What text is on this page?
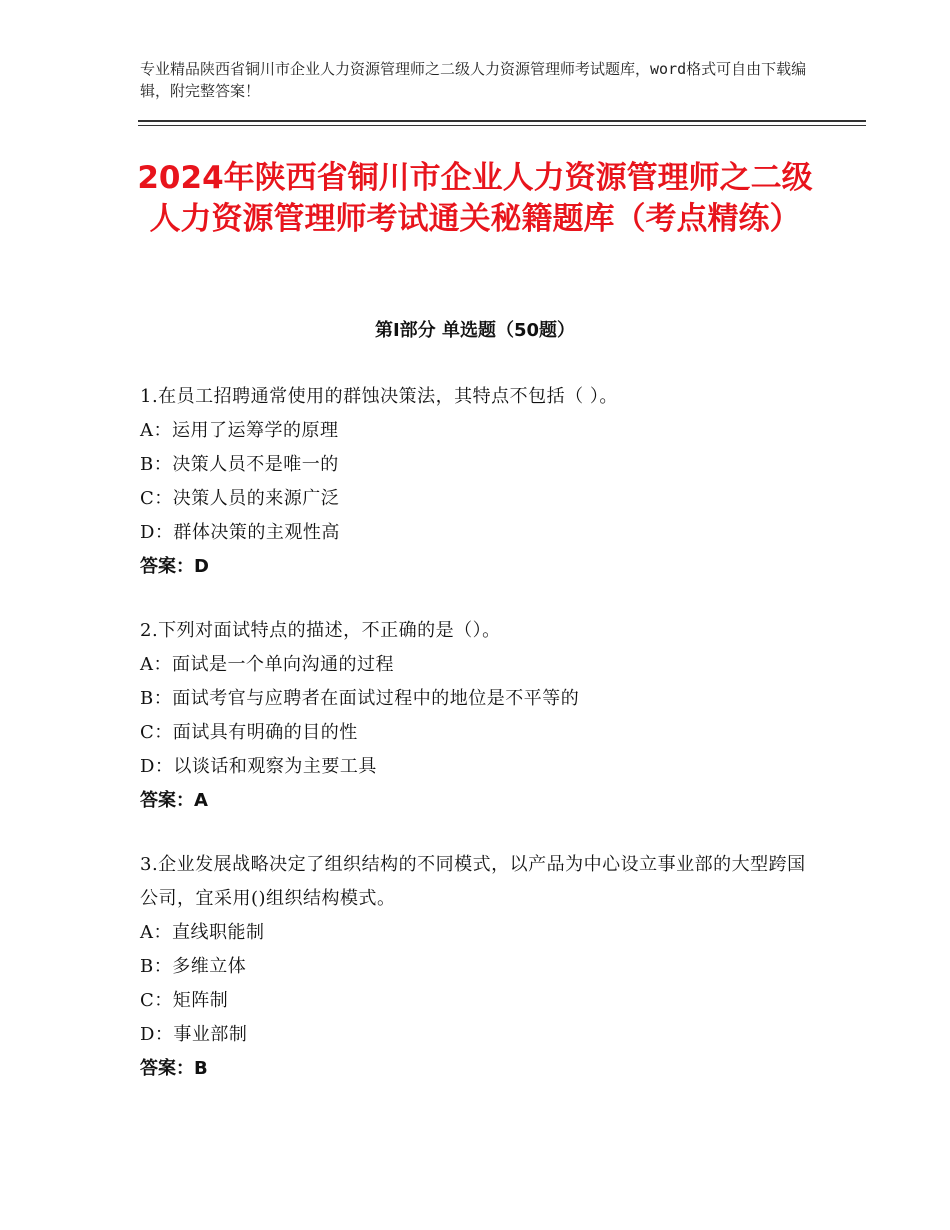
专业精品陕西省铜川市企业人力资源管理师之二级人力资源管理师考试题库，word格式可自由下载编辑，附完整答案！
2024年陕西省铜川市企业人力资源管理师之二级人力资源管理师考试通关秘籍题库（考点精练）
第Ⅰ部分 单选题（50题）
1.在员工招聘通常使用的群蚀决策法，其特点不包括（ ）。
A：运用了运筹学的原理
B：决策人员不是唯一的
C：决策人员的来源广泛
D：群体决策的主观性高
答案：D
2.下列对面试特点的描述，不正确的是（）。
A：面试是一个单向沟通的过程
B：面试考官与应聘者在面试过程中的地位是不平等的
C：面试具有明确的目的性
D：以谈话和观察为主要工具
答案：A
3.企业发展战略决定了组织结构的不同模式，以产品为中心设立事业部的大型跨国公司，宜采用()组织结构模式。
A：直线职能制
B：多维立体
C：矩阵制
D：事业部制
答案：B
